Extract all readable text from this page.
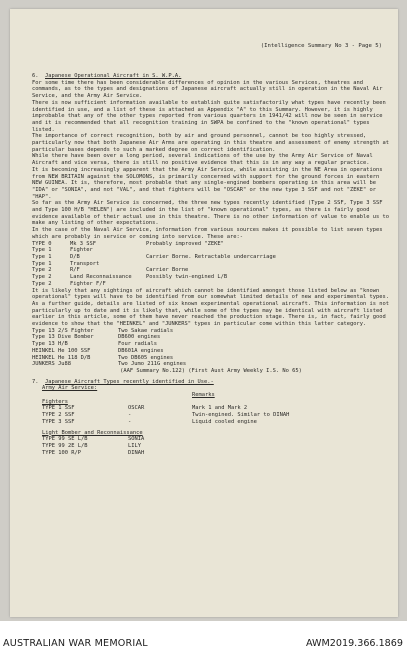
(Intelligence Summary No 3 - Page 5)

6. Japanese Operational Aircraft in S. W.P.A.

For some time there has been considerable differences of opinion in the various Services, theatres and commands, as to the types and designations of Japanese aircraft actually still in operation in the Naval Air Service, and the Army Air Service.

There is now sufficient information available to establish quite satisfactorily what types have recently been identified in use, and a list of these is attached as Appendix "A" to this Summary. However, it is highly improbable that any of the other types reported from various quarters in 1941/42 will now be seen in service and it is recommended that all recognition training in SWPA be confined to the "known operational" types listed.

The importance of correct recognition, both by air and ground personnel, cannot be too highly stressed, particularly now that both Japanese Air Arms are operating in this theatre and assessment of enemy strength at particular bases depends to such a marked degree on correct identification.

While there have been over a long period, several indications of the use by the Army Air Service of Naval Aircraft and vice versa, there is still no positive evidence that this is in any way a regular practice.

It is becoming increasingly apparent that the Army Air Service, while assisting in the NE Area in operations from NEW BRITAIN against the SOLOMONS, is primarily concerned with support for the ground forces in eastern NEW GUINEA. It is, therefore, most probable that any single-engined bombers operating in this area will be "IDA" or "SONIA", and not "VAL", and that fighters will be "OSCAR" or the new type 3 SSF and not "ZEKE" or "HAP".

So far as the Army Air Service is concerned, the three new types recently identified (Type 2 SSF, Type 3 SSF and Type 100 H/B "HELEN") are included in the list of "known operational" types, as there is fairly good evidence available of their actual use in this theatre. There is no other information of value to enable us to make any listing of other expectations.

In the case of the Naval Air Service, information from various sources makes it possible to list seven types which are probably in service or coming into service. These are:-

TYPE 0	Mk 3 SSF	Probably improved "ZEKE"
Type 1	Fighter
Type 1	D/B	Carrier Borne. Retractable undercarriage
Type 1	Transport
Type 2	R/F	Carrier Borne
Type 2	Land Reconnaissance	Possibly twin-engined L/B
Type 2	Fighter F/F

It is likely that any sightings of aircraft which cannot be identified amongst those listed below as "known operational" types will have to be identified from our somewhat limited details of new and experimental types.

As a further guide, details are listed of six known experimental operational aircraft. This information is not particularly up to date and it is likely that, while some of the types may be identical with aircraft listed earlier in this article, some of them have never reached the production stage. There is, in fact, fairly good evidence to show that the "HEINKEL" and "JUNKERS" types in particular come within this latter category.

Type 13 2/S Fighter	Two Sakae radials
Type 13 Dive Bomber	DB600 engines
Type 13 H/B	Four radials
HEINKEL He 100 SSF	DB601A engines
HEINKEL He 118 D/B	Two DB605 engines
JUNKERS Ju88	Two Jumo 211G engines

(AAF Summary No.122) (First Aust Army Weekly I.S. No 65)

7. Japanese Aircraft Types recently identified in Use.-

Army Air Service:

Remarks

Fighters

TYPE 1 SSF	OSCAR	Mark 1 and Mark 2
TYPE 2 SSF	-	Twin-engined. Similar to DINAH
TYPE 3 SSF	-	Liquid cooled engine

Light Bomber and Reconnaissance

TYPE 99 SE L/B	SONIA
TYPE 99 2E L/B	LILY
TYPE 100 R/P	DINAH
AUSTRALIAN WAR MEMORIAL	AWM2019.366.1869
